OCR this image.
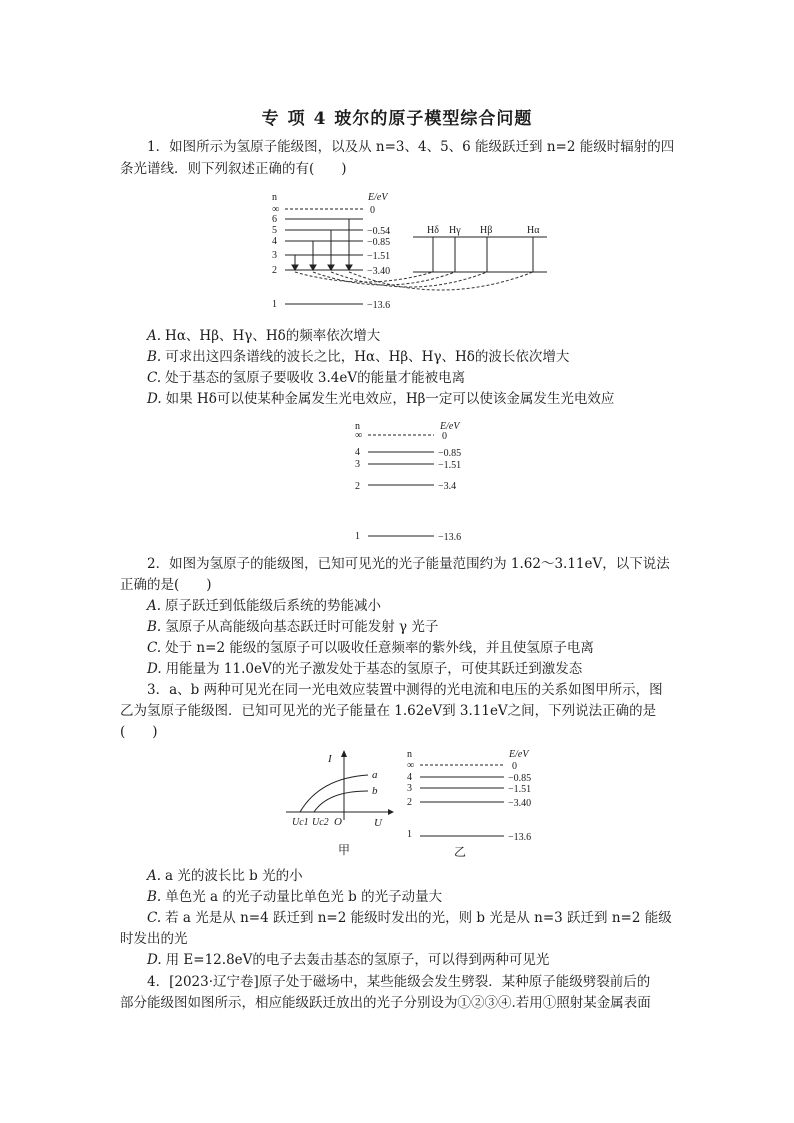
专 项 4 玻尔的原子模型综合问题

1．如图所示为氢原子能级图，以及从 n=3、4、5、6 能级跃迁到 n=2 能级时辐射的四

条光谱线．则下列叙述正确的有(　　)

n	E/eV
∞	0
6
5	−0.54
4	−0.85
3	−1.51
2	−3.40
1	−13.6
Hδ Hγ Hβ	Hα

A. Hα、Hβ、Hγ、Hδ的频率依次增大

B. 可求出这四条谱线的波长之比，Hα、Hβ、Hγ、Hδ的波长依次增大

C. 处于基态的氢原子要吸收 3.4eV的能量才能被电离

D. 如果 Hδ可以使某种金属发生光电效应，Hβ一定可以使该金属发生光电效应

n	E/eV
∞	0
4	−0.85
3	−1.51
2	−3.4
1	−13.6

2．如图为氢原子的能级图，已知可见光的光子能量范围约为 1.62～3.11eV，以下说法

正确的是(　　)

A. 原子跃迁到低能级后系统的势能减小

B. 氢原子从高能级向基态跃迁时可能发射 γ 光子

C. 处于 n=2 能级的氢原子可以吸收任意频率的紫外线，并且使氢原子电离

D. 用能量为 11.0eV的光子激发处于基态的氢原子，可使其跃迁到激发态

3．a、b 两种可见光在同一光电效应装置中测得的光电流和电压的关系如图甲所示，图

乙为氢原子能级图．已知可见光的光子能量在 1.62eV到 3.11eV之间，下列说法正确的是

(　　)

I
U
O
Uc1 Uc2
a
b
甲
n	E/eV
∞	0
4	−0.85
3	−1.51
2	−3.40
1	−13.6
乙

A. a 光的波长比 b 光的小

B. 单色光 a 的光子动量比单色光 b 的光子动量大

C. 若 a 光是从 n=4 跃迁到 n=2 能级时发出的光，则 b 光是从 n=3 跃迁到 n=2 能级

时发出的光

D. 用 E=12.8eV的电子去轰击基态的氢原子，可以得到两种可见光

4．[2023·辽宁卷]原子处于磁场中，某些能级会发生劈裂．某种原子能级劈裂前后的

部分能级图如图所示，相应能级跃迁放出的光子分别设为①②③④.若用①照射某金属表面
